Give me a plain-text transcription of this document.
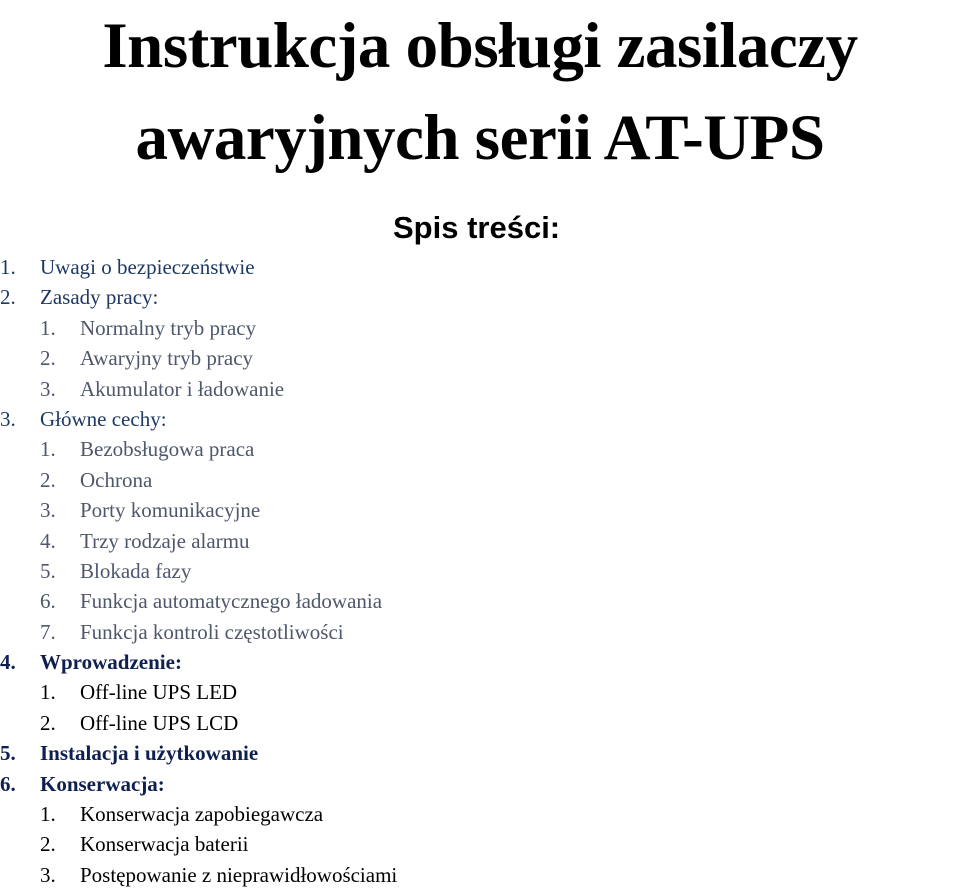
Instrukcja obsługi zasilaczy
awaryjnych serii AT-UPS
Spis treści:
1. Uwagi o bezpieczeństwie
2. Zasady pracy:
1. Normalny tryb pracy
2. Awaryjny tryb pracy
3. Akumulator i ładowanie
3. Główne cechy:
1. Bezobsługowa praca
2. Ochrona
3. Porty komunikacyjne
4. Trzy rodzaje alarmu
5. Blokada fazy
6. Funkcja automatycznego ładowania
7. Funkcja kontroli częstotliwości
4. Wprowadzenie:
1. Off-line UPS LED
2. Off-line UPS LCD
5. Instalacja i użytkowanie
6. Konserwacja:
1. Konserwacja zapobiegawcza
2. Konserwacja baterii
3. Postępowanie z nieprawidłowościami
